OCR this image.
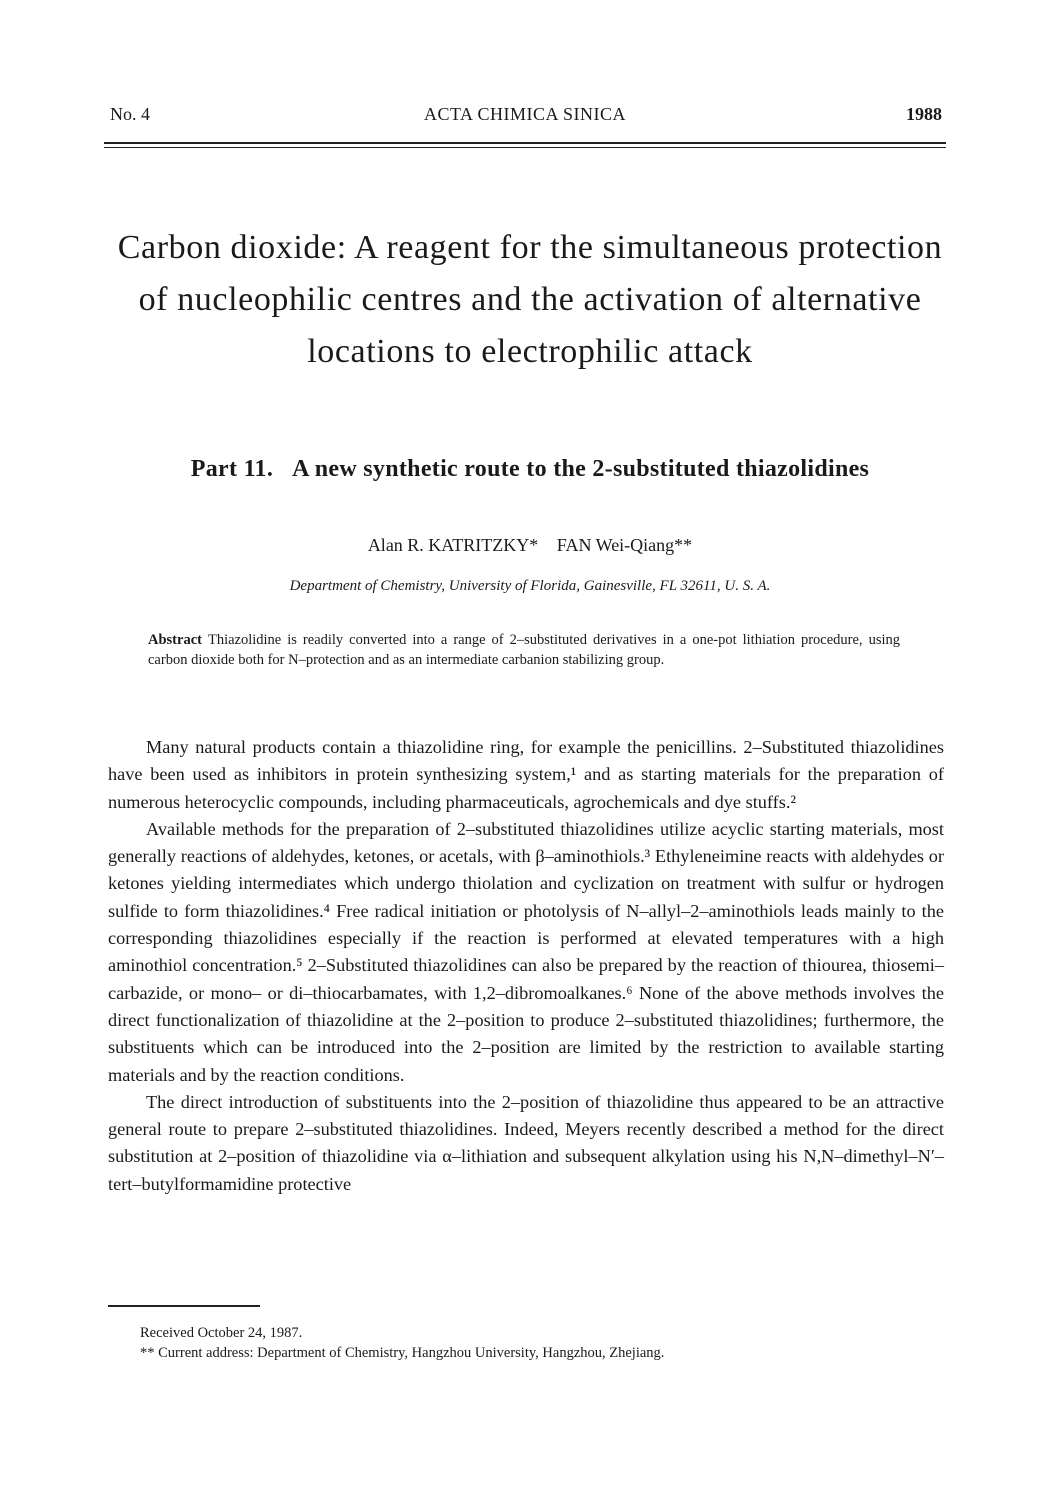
No. 4	ACTA CHIMICA SINICA	1988
Carbon dioxide: A reagent for the simultaneous protection of nucleophilic centres and the activation of alternative locations to electrophilic attack
Part 11. A new synthetic route to the 2-substituted thiazolidines
Alan R. KATRITZKY* FAN Wei-Qiang**
Department of Chemistry, University of Florida, Gainesville, FL 32611, U. S. A.

Abstract Thiazolidine is readily converted into a range of 2–substituted derivatives in a one-pot lithiation procedure, using carbon dioxide both for N–protection and as an intermediate carbanion stabilizing group.

Many natural products contain a thiazolidine ring, for example the penicillins. 2–Substituted thiazolidines have been used as inhibitors in protein synthesizing system,¹ and as starting materials for the preparation of numerous heterocyclic compounds, including pharmaceuticals, agrochemicals and dye stuffs.²

Available methods for the preparation of 2–substituted thiazolidines utilize acyclic starting materials, most generally reactions of aldehydes, ketones, or acetals, with β–aminothiols.³ Ethyleneimine reacts with aldehydes or ketones yielding intermediates which undergo thiolation and cyclization on treatment with sulfur or hydrogen sulfide to form thiazolidines.⁴ Free radical initiation or photolysis of N–allyl–2–aminothiols leads mainly to the corresponding thiazolidines especially if the reaction is performed at elevated temperatures with a high aminothiol concentration.⁵ 2–Substituted thiazolidines can also be prepared by the reaction of thiourea, thiosemi–carbazide, or mono– or di–thiocarbamates, with 1,2–dibromoalkanes.⁶ None of the above methods involves the direct functionalization of thiazolidine at the 2–position to produce 2–substituted thiazolidines; furthermore, the substituents which can be introduced into the 2–position are limited by the restriction to available starting materials and by the reaction conditions.

The direct introduction of substituents into the 2–position of thiazolidine thus appeared to be an attractive general route to prepare 2–substituted thiazolidines. Indeed, Meyers recently described a method for the direct substitution at 2–position of thiazolidine via α–lithiation and subsequent alkylation using his N,N–dimethyl–N′–tert–butylformamidine protective

Received October 24, 1987.
** Current address: Department of Chemistry, Hangzhou University, Hangzhou, Zhejiang.
